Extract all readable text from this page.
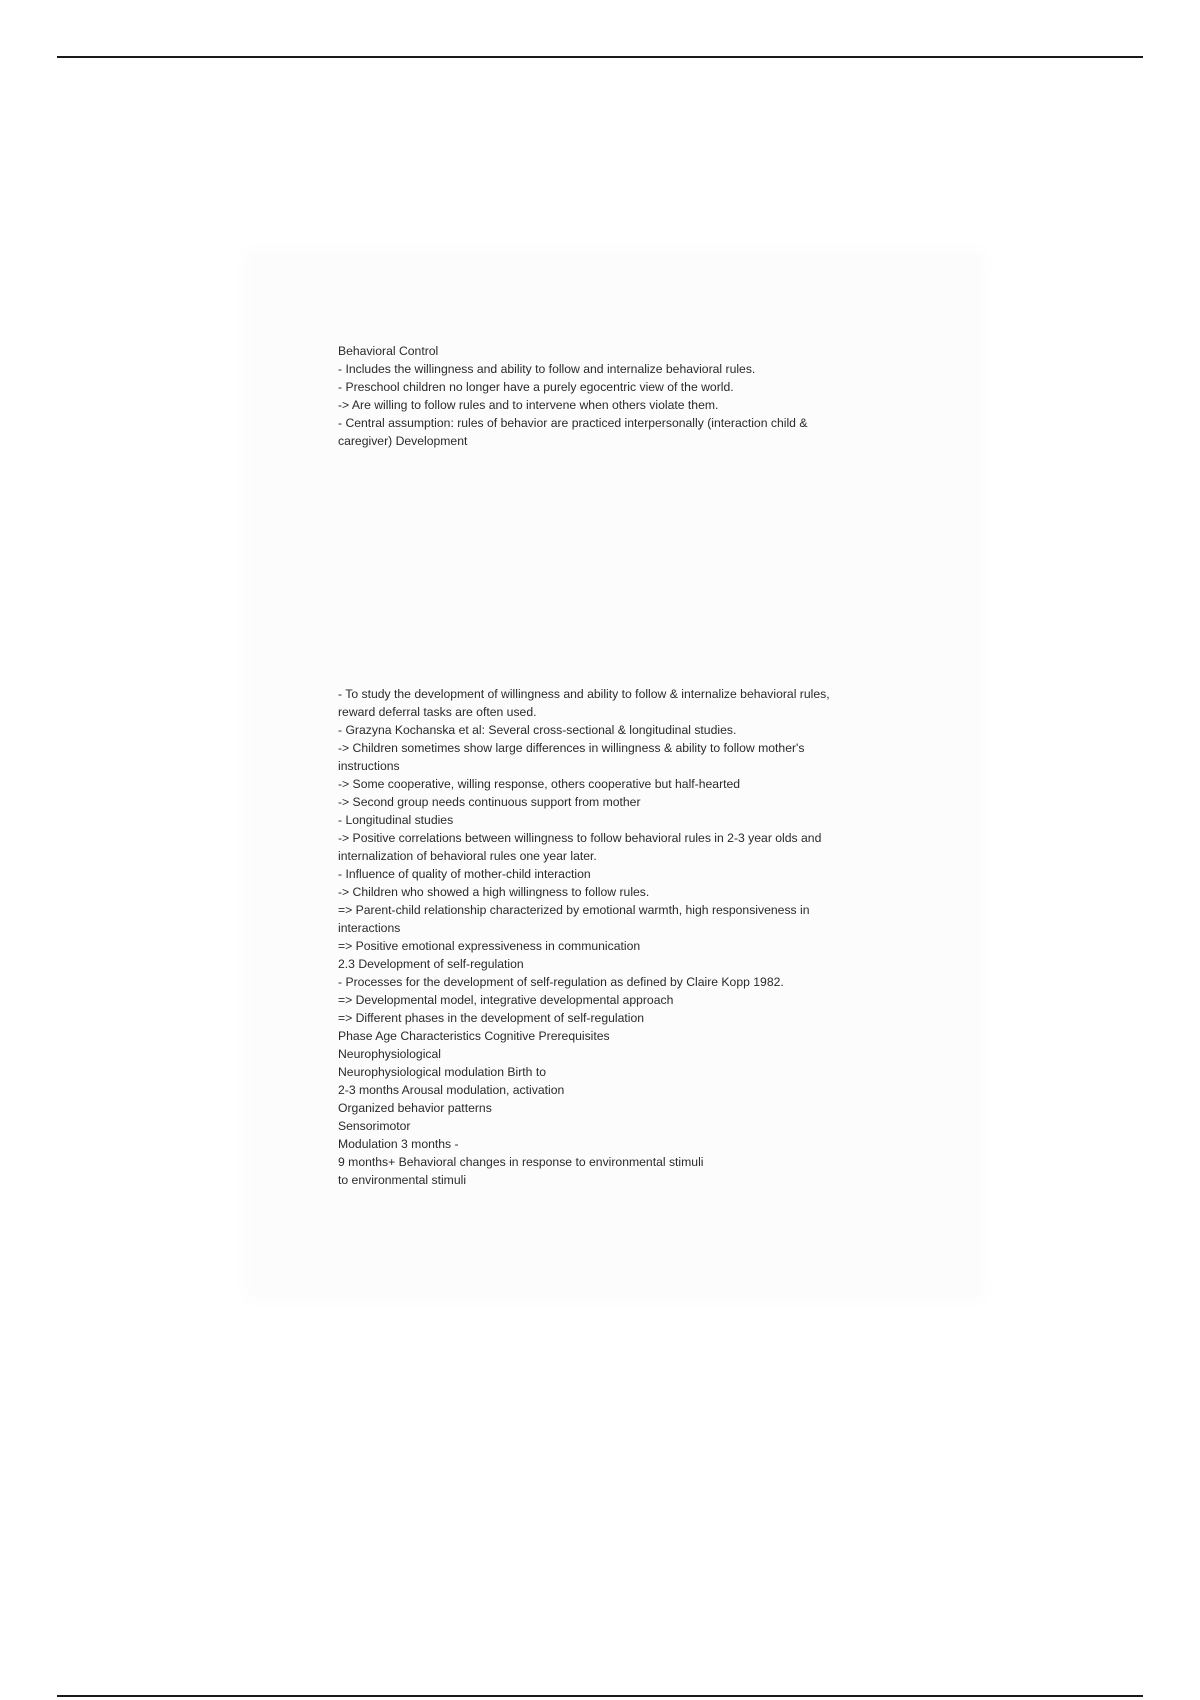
Behavioral Control
- Includes the willingness and ability to follow and internalize behavioral rules.
- Preschool children no longer have a purely egocentric view of the world.
-> Are willing to follow rules and to intervene when others violate them.
- Central assumption: rules of behavior are practiced interpersonally (interaction child &
caregiver) Development
- To study the development of willingness and ability to follow & internalize behavioral rules,
reward deferral tasks are often used.
- Grazyna Kochanska et al: Several cross-sectional & longitudinal studies.
-> Children sometimes show large differences in willingness & ability to follow mother's
instructions
-> Some cooperative, willing response, others cooperative but half-hearted
-> Second group needs continuous support from mother
- Longitudinal studies
-> Positive correlations between willingness to follow behavioral rules in 2-3 year olds and
internalization of behavioral rules one year later.
- Influence of quality of mother-child interaction
-> Children who showed a high willingness to follow rules.
=> Parent-child relationship characterized by emotional warmth, high responsiveness in
interactions
=> Positive emotional expressiveness in communication
2.3 Development of self-regulation
- Processes for the development of self-regulation as defined by Claire Kopp 1982.
=> Developmental model, integrative developmental approach
=> Different phases in the development of self-regulation
Phase Age Characteristics Cognitive Prerequisites
Neurophysiological
Neurophysiological modulation Birth to
2-3 months Arousal modulation, activation
Organized behavior patterns
Sensorimotor
Modulation 3 months -
9 months+ Behavioral changes in response to environmental stimuli
to environmental stimuli
